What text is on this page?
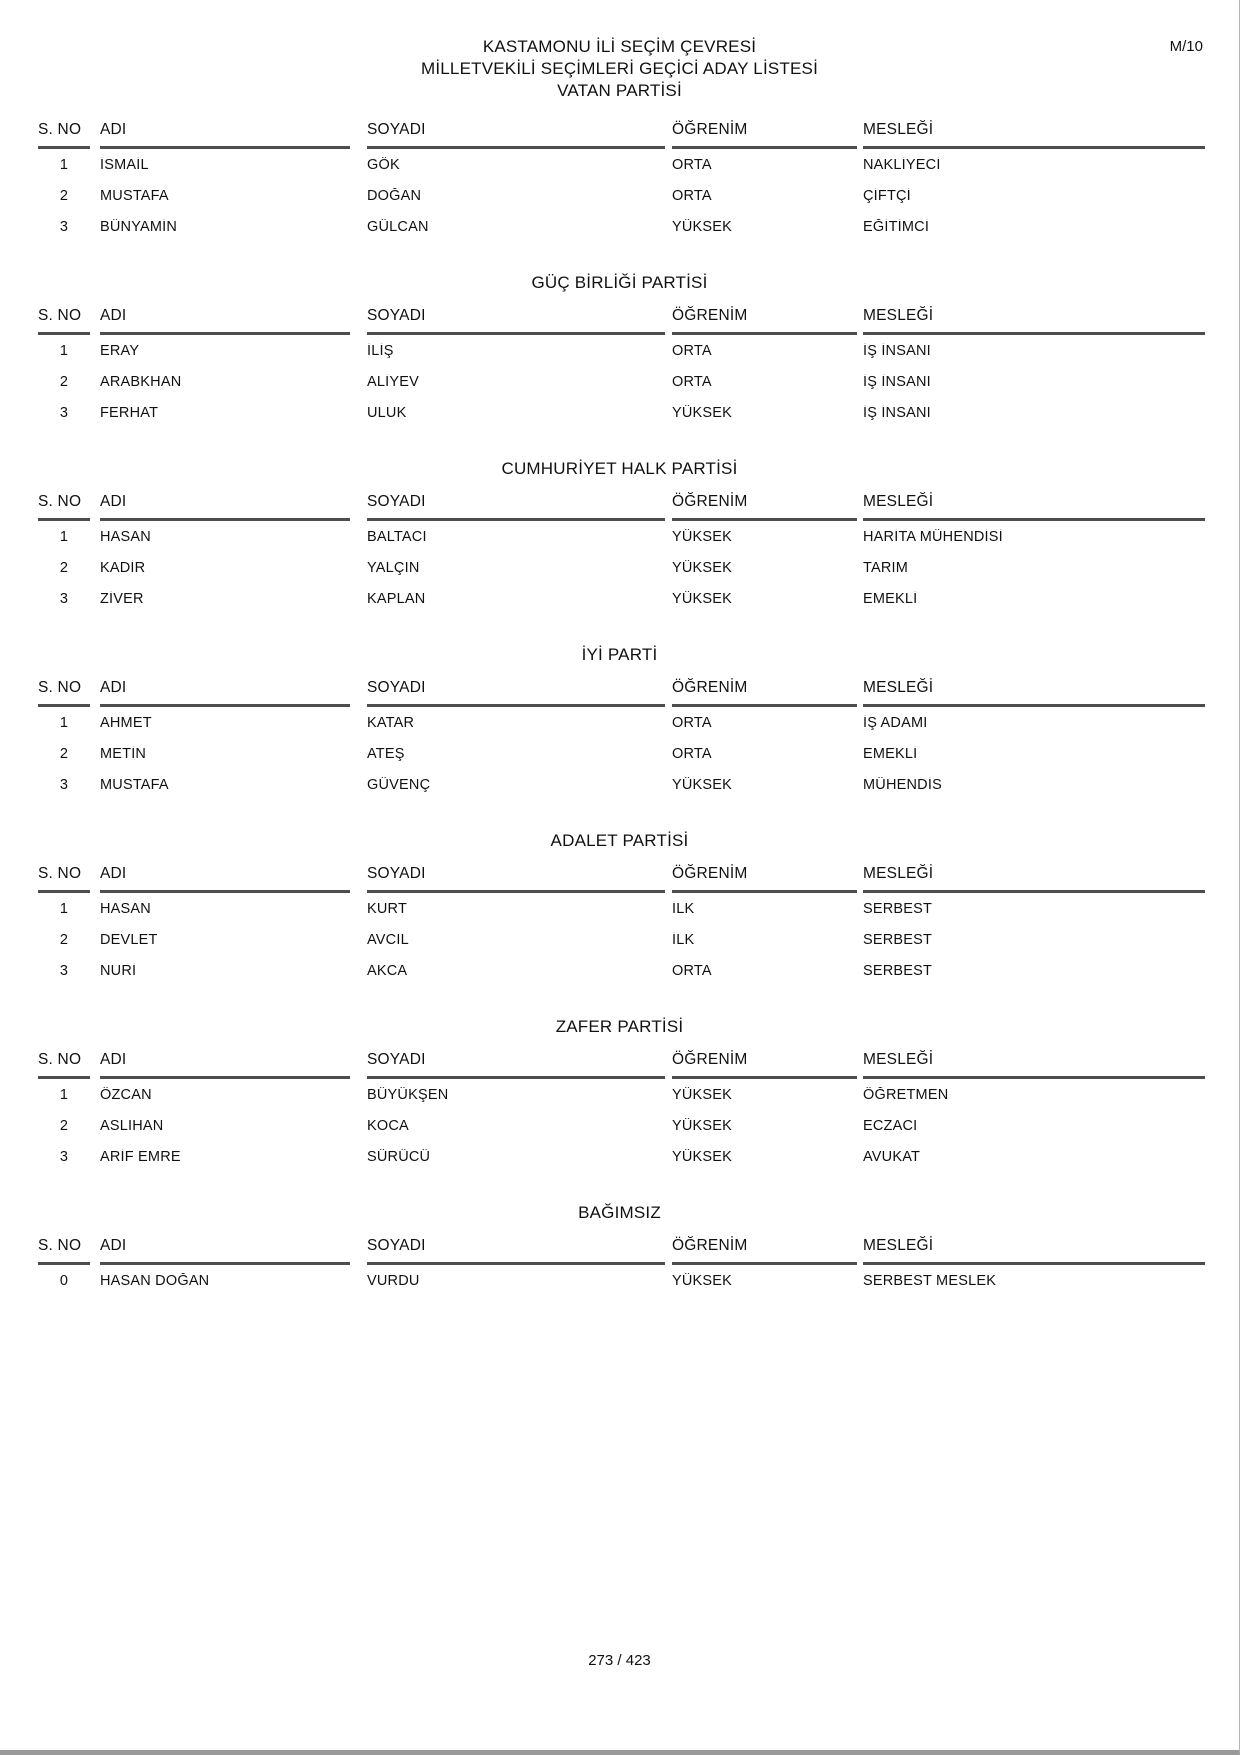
M/10

KASTAMONU İLİ SEÇİM ÇEVRESİ

MİLLETVEKİLİ SEÇİMLERİ GEÇİCİ ADAY LİSTESİ

VATAN PARTİSİ
S. NO	ADI	SOYADI	ÖĞRENİM	MESLEĞİ
1	İSMAİL	GÖK	ORTA	NAKLİYECİ
2	MUSTAFA	DOĞAN	ORTA	ÇİFTÇİ
3	BÜNYAMİN	GÜLCAN	YÜKSEK	EĞİTİMCİ
GÜÇ BİRLİĞİ PARTİSİ
S. NO	ADI	SOYADI	ÖĞRENİM	MESLEĞİ
1	ERAY	İLİŞ	ORTA	İŞ İNSANI
2	ARABKHAN	ALİYEV	ORTA	İŞ İNSANI
3	FERHAT	ULUK	YÜKSEK	İŞ İNSANI
CUMHURİYET HALK PARTİSİ
S. NO	ADI	SOYADI	ÖĞRENİM	MESLEĞİ
1	HASAN	BALTACI	YÜKSEK	HARİTA MÜHENDİSİ
2	KADİR	YALÇIN	YÜKSEK	TARIM
3	ZİVER	KAPLAN	YÜKSEK	EMEKLİ
İYİ PARTİ
S. NO	ADI	SOYADI	ÖĞRENİM	MESLEĞİ
1	AHMET	KATAR	ORTA	İŞ ADAMI
2	METİN	ATEŞ	ORTA	EMEKLİ
3	MUSTAFA	GÜVENÇ	YÜKSEK	MÜHENDİS
ADALET PARTİSİ
S. NO	ADI	SOYADI	ÖĞRENİM	MESLEĞİ
1	HASAN	KURT	İLK	SERBEST
2	DEVLET	AVCIL	İLK	SERBEST
3	NURİ	AKCA	ORTA	SERBEST
ZAFER PARTİSİ
S. NO	ADI	SOYADI	ÖĞRENİM	MESLEĞİ
1	ÖZCAN	BÜYÜKŞEN	YÜKSEK	ÖĞRETMEN
2	ASLIHAN	KOCA	YÜKSEK	ECZACI
3	ARİF EMRE	SÜRÜCÜ	YÜKSEK	AVUKAT
BAĞIMSIZ
S. NO	ADI	SOYADI	ÖĞRENİM	MESLEĞİ
0	HASAN DOĞAN	VURDU	YÜKSEK	SERBEST MESLEK
273 / 423
